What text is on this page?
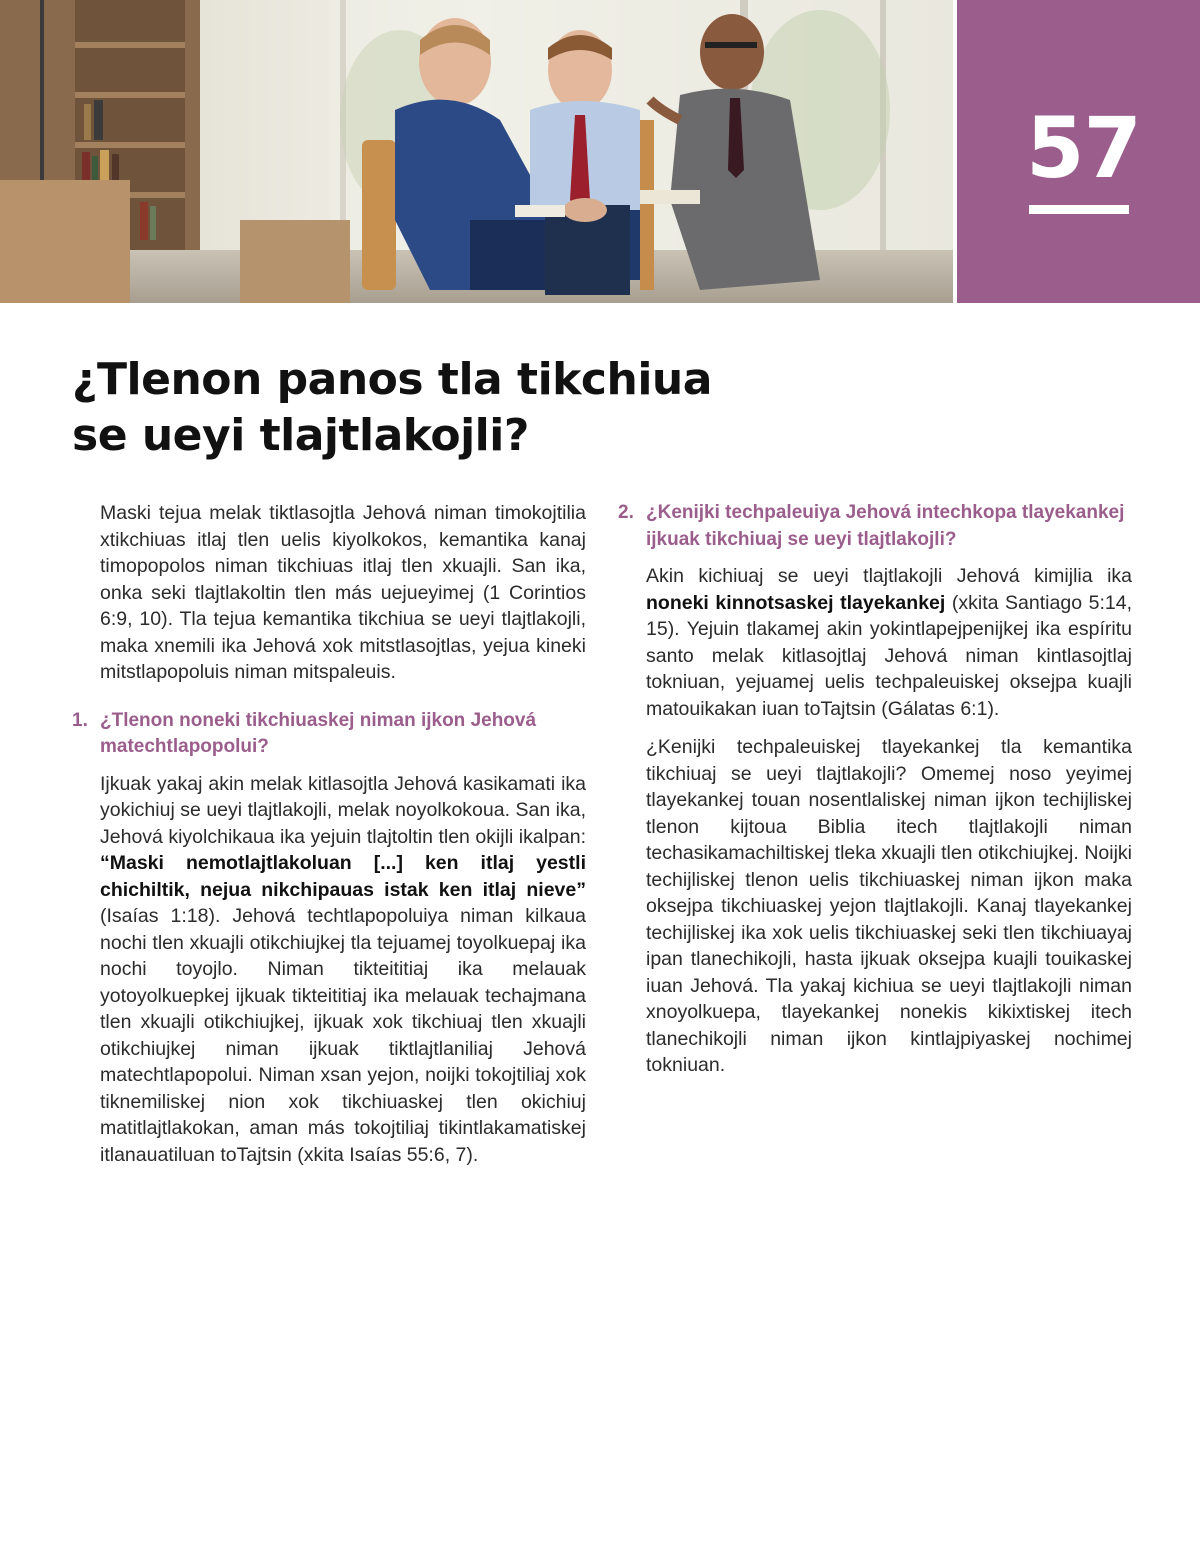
57
¿Tlenon panos tla tikchiua
se ueyi tlajtlakojli?

Maski tejua melak tiktlasojtla Jehová niman timokojtilia xtikchiuas itlaj tlen uelis kiyolkokos, kemantika kanaj timopopolos niman tikchiuas itlaj tlen xkuajli. San ika, onka seki tlajtlakoltin tlen más uejueyimej (1 Corintios 6:9, 10). Tla tejua kemantika tikchiua se ueyi tlajtlakojli, maka xnemili ika Jehová xok mitstlasojtlas, yejua kineki mitstlapopoluis niman mitspaleuis.

1. ¿Tlenon noneki tikchiuaskej niman ijkon Jehová matechtlapopolui?

Ijkuak yakaj akin melak kitlasojtla Jehová kasikamati ika yokichiuj se ueyi tlajtlakojli, melak noyolkokoua. San ika, Jehová kiyolchikaua ika yejuin tlajtoltin tlen okijli ikalpan: “Maski nemotlajtlakoluan [...] ken itlaj yestli chichiltik, nejua nikchipauas istak ken itlaj nieve” (Isaías 1:18). Jehová techtlapopoluiya niman kilkaua nochi tlen xkuajli otikchiujkej tla tejuamej toyolkuepaj ika nochi toyojlo. Niman tikteititiaj ika melauak yotoyolkuepkej ijkuak tikteititiaj ika melauak techajmana tlen xkuajli otikchiujkej, ijkuak xok tikchiuaj tlen xkuajli otikchiujkej niman ijkuak tiktlajtlaniliaj Jehová matechtlapopolui. Niman xsan yejon, noijki tokojtiliaj xok tiknemiliskej nion xok tikchiuaskej tlen okichiuj matitlajtlakokan, aman más tokojtiliaj tikintlakamatiskej itlanauatiluan toTajtsin (xkita Isaías 55:6, 7).

2. ¿Kenijki techpaleuiya Jehová intechkopa tlayekankej ijkuak tikchiuaj se ueyi tlajtlakojli?

Akin kichiuaj se ueyi tlajtlakojli Jehová kimijlia ika noneki kinnotsaskej tlayekankej (xkita Santiago 5:14, 15). Yejuin tlakamej akin yokintlapejpenijkej ika espíritu santo melak kitlasojtlaj Jehová niman kintlasojtlaj tokniuan, yejuamej uelis techpaleuiskej oksejpa kuajli matouikakan iuan toTajtsin (Gálatas 6:1).

¿Kenijki techpaleuiskej tlayekankej tla kemantika tikchiuaj se ueyi tlajtlakojli? Omemej noso yeyimej tlayekankej touan nosentlaliskej niman ijkon techijliskej tlenon kijtoua Biblia itech tlajtlakojli niman techasikamachiltiskej tleka xkuajli tlen otikchiujkej. Noijki techijliskej tlenon uelis tikchiuaskej niman ijkon maka oksejpa tikchiuaskej yejon tlajtlakojli. Kanaj tlayekankej techijliskej ika xok uelis tikchiuaskej seki tlen tikchiuayaj ipan tlanechikojli, hasta ijkuak oksejpa kuajli touikaskej iuan Jehová. Tla yakaj kichiua se ueyi tlajtlakojli niman xnoyolkuepa, tlayekankej nonekis kikixtiskej itech tlanechikojli niman ijkon kintlajpiyaskej nochimej tokniuan.
